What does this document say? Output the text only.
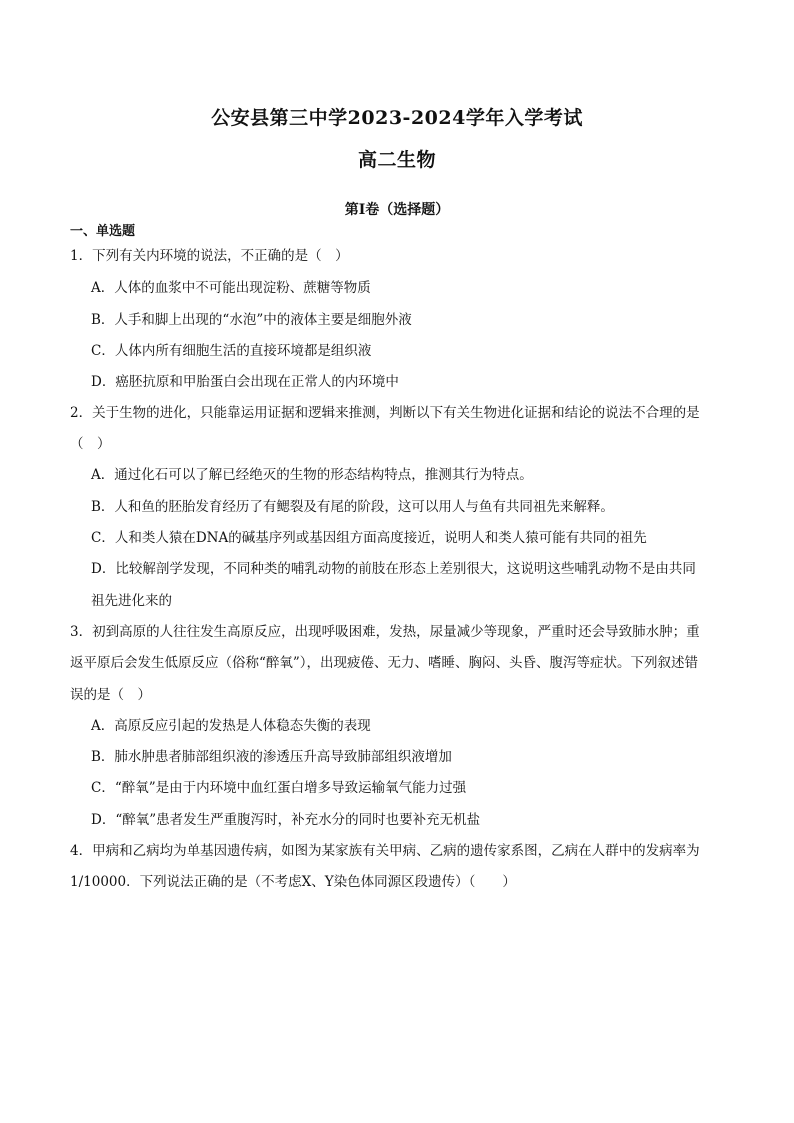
公安县第三中学2023-2024学年入学考试
高二生物
第Ⅰ卷（选择题）
一、单选题
1．下列有关内环境的说法，不正确的是（　）
A．人体的血浆中不可能出现淀粉、蔗糖等物质
B．人手和脚上出现的“水泡”中的液体主要是细胞外液
C．人体内所有细胞生活的直接环境都是组织液
D．癌胚抗原和甲胎蛋白会出现在正常人的内环境中
2．关于生物的进化，只能靠运用证据和逻辑来推测，判断以下有关生物进化证据和结论的说法不合理的是
（　）
A．通过化石可以了解已经绝灭的生物的形态结构特点，推测其行为特点。
B．人和鱼的胚胎发育经历了有鳃裂及有尾的阶段，这可以用人与鱼有共同祖先来解释。
C．人和类人猿在DNA的碱基序列或基因组方面高度接近，说明人和类人猿可能有共同的祖先
D．比较解剖学发现，不同种类的哺乳动物的前肢在形态上差别很大，这说明这些哺乳动物不是由共同
祖先进化来的
3．初到高原的人往往发生高原反应，出现呼吸困难，发热，尿量减少等现象，严重时还会导致肺水肿；重
返平原后会发生低原反应（俗称“醉氧”），出现疲倦、无力、嗜睡、胸闷、头昏、腹泻等症状。下列叙述错
误的是（　）
A．高原反应引起的发热是人体稳态失衡的表现
B．肺水肿患者肺部组织液的渗透压升高导致肺部组织液增加
C．“醉氧”是由于内环境中血红蛋白增多导致运输氧气能力过强
D．“醉氧”患者发生严重腹泻时，补充水分的同时也要补充无机盐
4．甲病和乙病均为单基因遗传病，如图为某家族有关甲病、乙病的遗传家系图，乙病在人群中的发病率为
1/10000．下列说法正确的是（不考虑X、Y染色体同源区段遗传）（　　）
